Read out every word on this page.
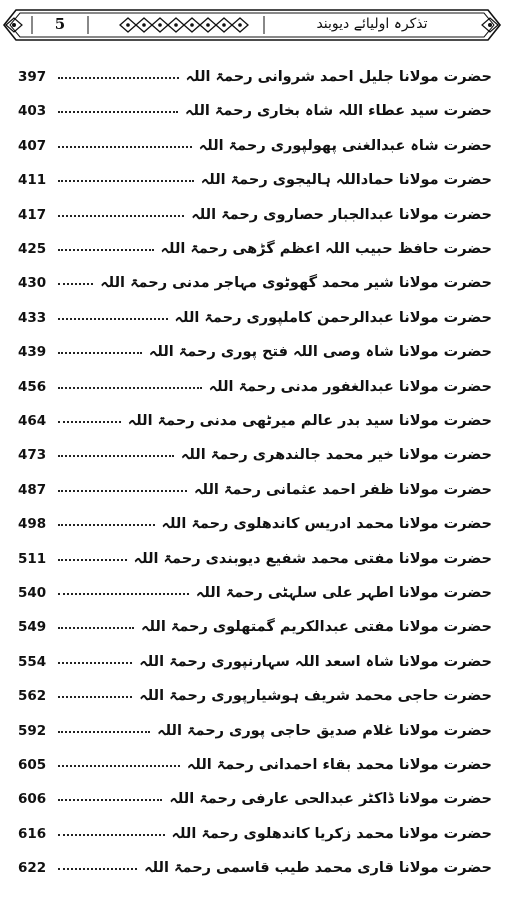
5	تذکرہ اولیائے دیوبند
397	حضرت مولانا جلیل احمد شروانی رحمۃ اللہ
403	حضرت سید عطاء اللہ شاہ بخاری رحمۃ اللہ
407	حضرت شاہ عبدالغنی پھولپوری رحمۃ اللہ
411	حضرت مولانا حماداللہ ہالیجوی رحمۃ اللہ
417	حضرت مولانا عبدالجبار حصاروی رحمۃ اللہ
425	حضرت حافظ حبیب اللہ اعظم گڑھی رحمۃ اللہ
430	حضرت مولانا شیر محمد گھوٹوی مہاجر مدنی رحمۃ اللہ
433	حضرت مولانا عبدالرحمن کاملپوری رحمۃ اللہ
439	حضرت مولانا شاہ وصی اللہ فتح پوری رحمۃ اللہ
456	حضرت مولانا عبدالغفور مدنی رحمۃ اللہ
464	حضرت مولانا سید بدر عالم میرٹھی مدنی رحمۃ اللہ
473	حضرت مولانا خیر محمد جالندھری رحمۃ اللہ
487	حضرت مولانا ظفر احمد عثمانی رحمۃ اللہ
498	حضرت مولانا محمد ادریس کاندھلوی رحمۃ اللہ
511	حضرت مولانا مفتی محمد شفیع دیوبندی رحمۃ اللہ
540	حضرت مولانا اطہر علی سلہٹی رحمۃ اللہ
549	حضرت مولانا مفتی عبدالکریم گمتھلوی رحمۃ اللہ
554	حضرت مولانا شاہ اسعد اللہ سہارنپوری رحمۃ اللہ
562	حضرت حاجی محمد شریف ہوشیارپوری رحمۃ اللہ
592	حضرت مولانا غلام صدیق حاجی پوری رحمۃ اللہ
605	حضرت مولانا محمد بقاء احمدانی رحمۃ اللہ
606	حضرت مولانا ڈاکٹر عبدالحی عارفی رحمۃ اللہ
616	حضرت مولانا محمد زکریا کاندھلوی رحمۃ اللہ
622	حضرت مولانا قاری محمد طیب قاسمی رحمۃ اللہ
